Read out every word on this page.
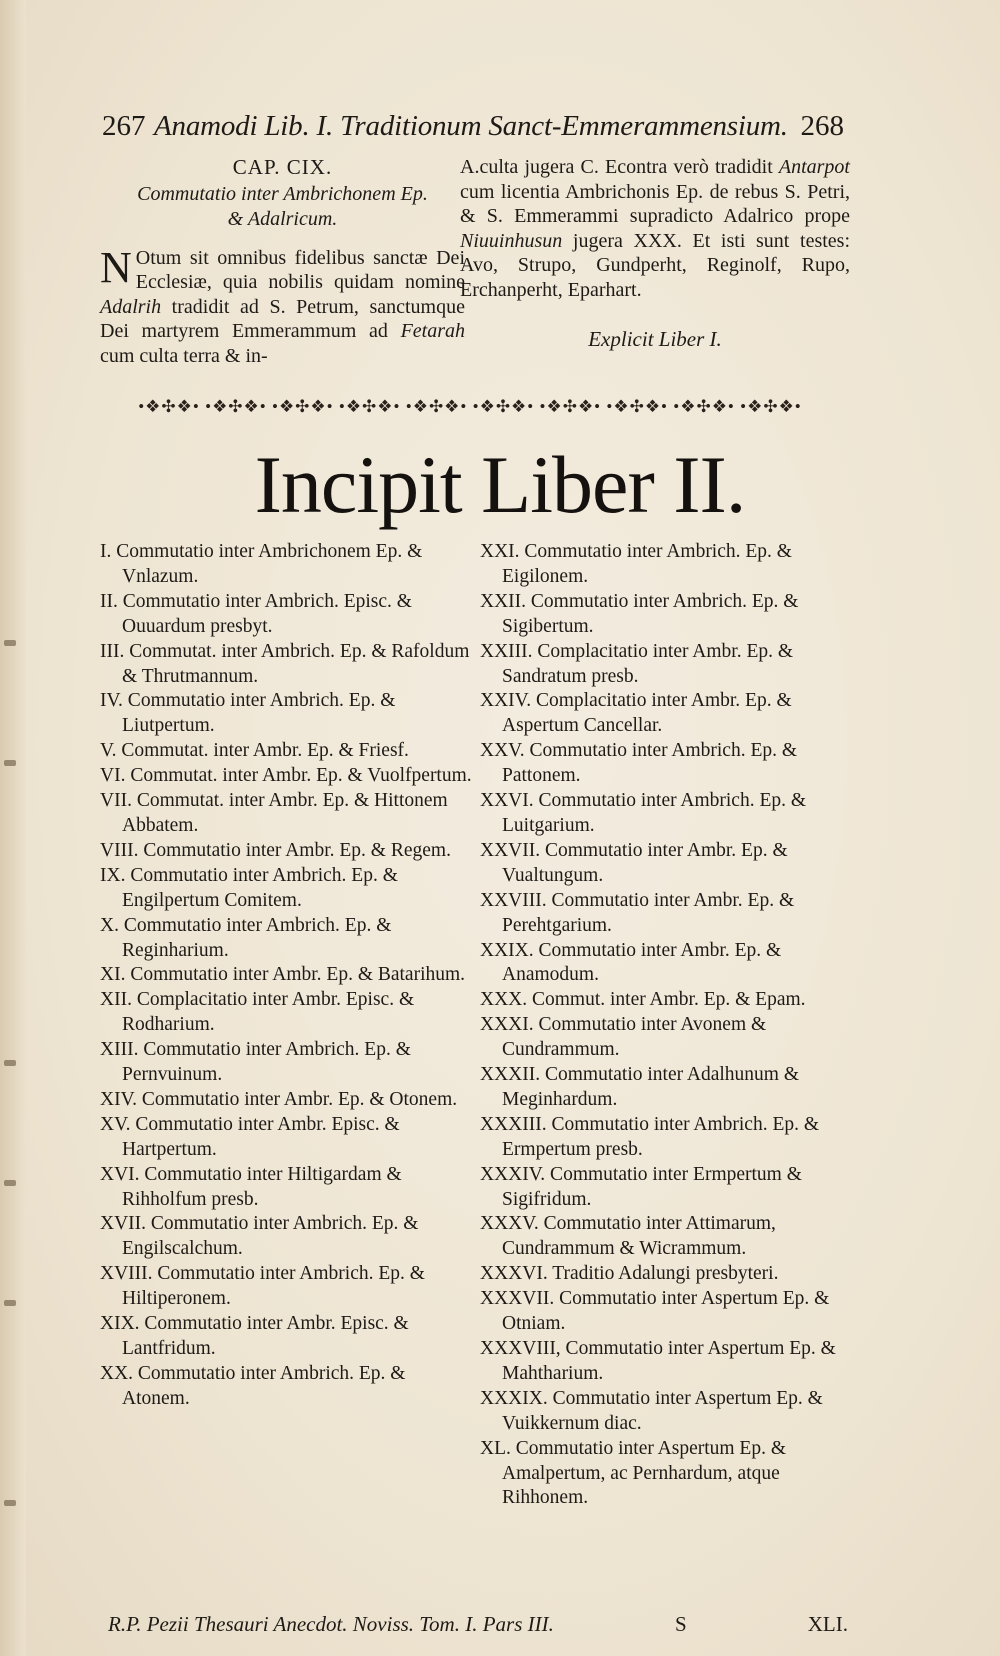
267 Anamodi Lib. I. Traditionum Sanct-Emmerammensium. 268
CAP. CIX.
Commutatio inter Ambrichonem Ep.
& Adalricum.
N Otum sit omnibus fidelibus sanctæ Dei Ecclesiæ, quia nobilis quidam nomine Adalrih tradidit ad S. Petrum, sanctumque Dei martyrem Emmerammum ad Fetarah cum culta terra & in-
A.culta jugera C. Econtra verò tradidit Antarpot cum licentia Ambrichonis Ep. de rebus S. Petri, & S. Emmerammi supradicto Adalrico prope Niuuinhusun jugera XXX. Et isti sunt testes: Avo, Strupo, Gundperht, Reginolf, Rupo, Erchanperht, Eparhart.
Explicit Liber I.
•❖✣❖• •❖✣❖• •❖✣❖• •❖✣❖• •❖✣❖• •❖✣❖• •❖✣❖• •❖✣❖• •❖✣❖• •❖✣❖•
Incipit Liber II.
I. Commutatio inter Ambrichonem Ep. & Vnlazum.
II. Commutatio inter Ambrich. Episc. & Ouuardum presbyt.
III. Commutat. inter Ambrich. Ep. & Rafoldum & Thrutmannum.
IV. Commutatio inter Ambrich. Ep. & Liutpertum.
V. Commutat. inter Ambr. Ep. & Friesf.
VI. Commutat. inter Ambr. Ep. & Vuolfpertum.
VII. Commutat. inter Ambr. Ep. & Hittonem Abbatem.
VIII. Commutatio inter Ambr. Ep. & Regem.
IX. Commutatio inter Ambrich. Ep. & Engilpertum Comitem.
X. Commutatio inter Ambrich. Ep. & Reginharium.
XI. Commutatio inter Ambr. Ep. & Batarihum.
XII. Complacitatio inter Ambr. Episc. & Rodharium.
XIII. Commutatio inter Ambrich. Ep. & Pernvuinum.
XIV. Commutatio inter Ambr. Ep. & Otonem.
XV. Commutatio inter Ambr. Episc. & Hartpertum.
XVI. Commutatio inter Hiltigardam & Rihholfum presb.
XVII. Commutatio inter Ambrich. Ep. & Engilscalchum.
XVIII. Commutatio inter Ambrich. Ep. & Hiltiperonem.
XIX. Commutatio inter Ambr. Episc. & Lantfridum.
XX. Commutatio inter Ambrich. Ep. & Atonem.
XXI. Commutatio inter Ambrich. Ep. & Eigilonem.
XXII. Commutatio inter Ambrich. Ep. & Sigibertum.
XXIII. Complacitatio inter Ambr. Ep. & Sandratum presb.
XXIV. Complacitatio inter Ambr. Ep. & Aspertum Cancellar.
XXV. Commutatio inter Ambrich. Ep. & Pattonem.
XXVI. Commutatio inter Ambrich. Ep. & Luitgarium.
XXVII. Commutatio inter Ambr. Ep. & Vualtungum.
XXVIII. Commutatio inter Ambr. Ep. & Perehtgarium.
XXIX. Commutatio inter Ambr. Ep. & Anamodum.
XXX. Commut. inter Ambr. Ep. & Epam.
XXXI. Commutatio inter Avonem & Cundrammum.
XXXII. Commutatio inter Adalhunum & Meginhardum.
XXXIII. Commutatio inter Ambrich. Ep. & Ermpertum presb.
XXXIV. Commutatio inter Ermpertum & Sigifridum.
XXXV. Commutatio inter Attimarum, Cundrammum & Wicrammum.
XXXVI. Traditio Adalungi presbyteri.
XXXVII. Commutatio inter Aspertum Ep. & Otniam.
XXXVIII, Commutatio inter Aspertum Ep. & Mahtharium.
XXXIX. Commutatio inter Aspertum Ep. & Vuikkernum diac.
XL. Commutatio inter Aspertum Ep. & Amalpertum, ac Pernhardum, atque Rihhonem.
R.P. Pezii Thesauri Anecdot. Noviss. Tom. I. Pars III.	S	XLI.
